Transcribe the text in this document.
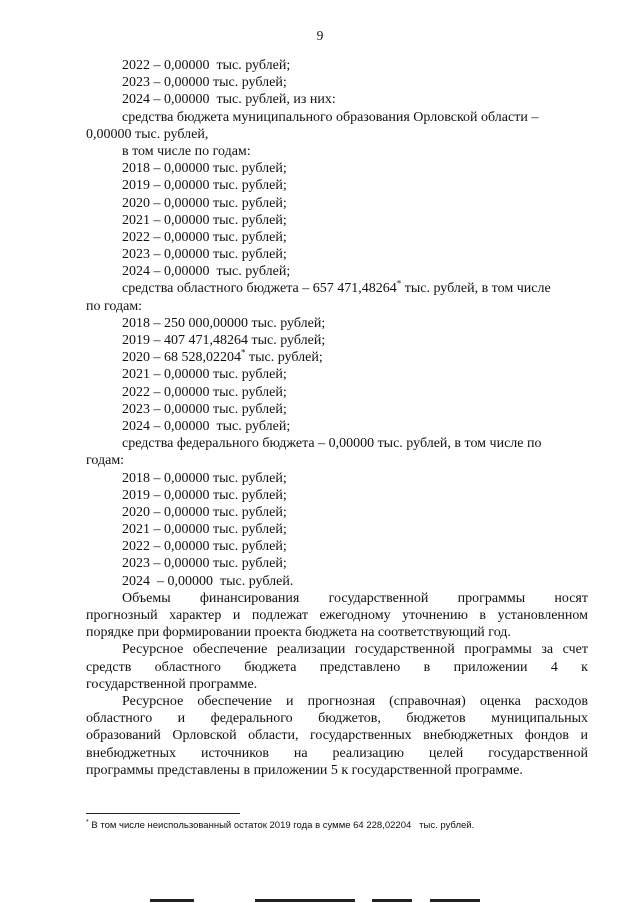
9
2022 – 0,00000  тыс. рублей;
2023 – 0,00000 тыс. рублей;
2024 – 0,00000  тыс. рублей, из них:
средства бюджета муниципального образования Орловской области –
0,00000 тыс. рублей,
в том числе по годам:
2018 – 0,00000 тыс. рублей;
2019 – 0,00000 тыс. рублей;
2020 – 0,00000 тыс. рублей;
2021 – 0,00000 тыс. рублей;
2022 – 0,00000 тыс. рублей;
2023 – 0,00000 тыс. рублей;
2024 – 0,00000  тыс. рублей;
средства областного бюджета – 657 471,48264* тыс. рублей, в том числе
по годам:
2018 – 250 000,00000 тыс. рублей;
2019 – 407 471,48264 тыс. рублей;
2020 – 68 528,02204* тыс. рублей;
2021 – 0,00000 тыс. рублей;
2022 – 0,00000 тыс. рублей;
2023 – 0,00000 тыс. рублей;
2024 – 0,00000  тыс. рублей;
средства федерального бюджета – 0,00000 тыс. рублей, в том числе по
годам:
2018 – 0,00000 тыс. рублей;
2019 – 0,00000 тыс. рублей;
2020 – 0,00000 тыс. рублей;
2021 – 0,00000 тыс. рублей;
2022 – 0,00000 тыс. рублей;
2023 – 0,00000 тыс. рублей;
2024  – 0,00000  тыс. рублей.
Объемы финансирования государственной программы носят
прогнозный характер и подлежат ежегодному уточнению в установленном
порядке при формировании проекта бюджета на соответствующий год.
Ресурсное обеспечение реализации государственной программы за счет
средств областного бюджета представлено в приложении 4 к
государственной программе.
Ресурсное обеспечение и прогнозная (справочная) оценка расходов
областного и федерального бюджетов, бюджетов муниципальных
образований Орловской области, государственных внебюджетных фондов и
внебюджетных источников на реализацию целей государственной
программы представлены в приложении 5 к государственной программе.
* В том числе неиспользованный остаток 2019 года в сумме 64 228,02204   тыс. рублей.
